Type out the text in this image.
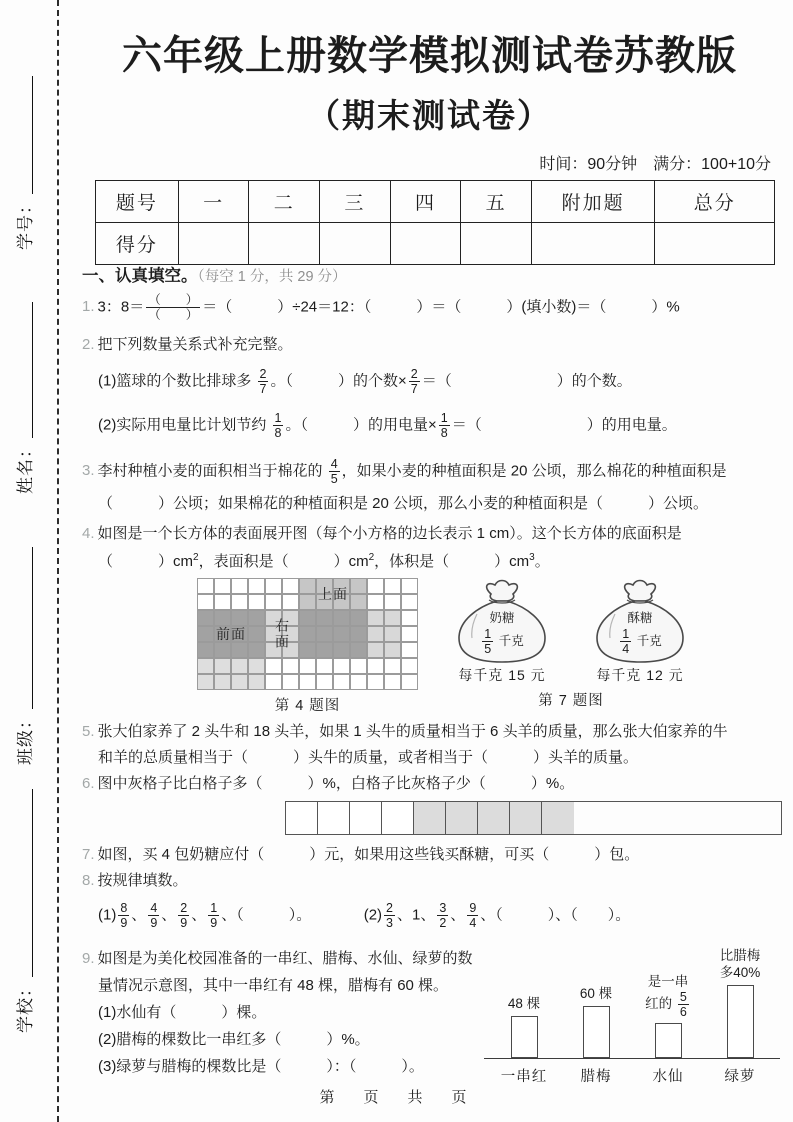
学号：
姓名：
班级：
学校：
六年级上册数学模拟测试卷苏教版
（期末测试卷）
时间：90分钟　满分：100+10分
题号	一	二	三	四	五	附加题	总分
得分							
一、认真填空。（每空 1 分，共 29 分）
1. 3：$8= \frac{( )}{( )}$ ＝（　　　）÷24＝12：（　　　）＝（　　　）(填小数)＝（　　　）%
2. 把下列数量关系式补充完整。
(1)篮球的个数比排球多 $\frac{2}{7}$ 。（　　　）的个数× $\frac{2}{7}$ ＝（　　　　　　　）的个数。
(2)实际用电量比计划节约 $\frac{1}{8}$ 。（　　　）的用电量× $\frac{1}{8}$ ＝（　　　　　　　）的用电量。
3. 李村种植小麦的面积相当于棉花的 $\frac{4}{5}$ ，如果小麦的种植面积是 20 公顷，那么棉花的种植面积是
（　　　）公顷；如果棉花的种植面积是 20 公顷，那么小麦的种植面积是（　　　）公顷。
4. 如图是一个长方体的表面展开图（每个小方格的边长表示 1 cm）。这个长方体的底面积是
（　　　）$cm^2$，表面积是（　　　）$cm^2$，体积是（　　　）$cm^3$。
上面
前面	右面
第 4 题图
奶糖
$\frac{1}{5}$ 千克
每千克 15 元
酥糖
$\frac{1}{4}$ 千克
每千克 12 元
第 7 题图
5. 张大伯家养了 2 头牛和 18 头羊，如果 1 头牛的质量相当于 6 头羊的质量，那么张大伯家养的牛
和羊的总质量相当于（　　　）头牛的质量，或者相当于（　　　）头羊的质量。
6. 图中灰格子比白格子多（　　　）%，白格子比灰格子少（　　　）%。
7. 如图，买 4 包奶糖应付（　　　）元，如果用这些钱买酥糖，可买（　　　）包。
8. 按规律填数。
$(1) \frac{8}{9}$ 、 $\frac{4}{9}$ 、 $\frac{2}{9}$ 、 $\frac{1}{9}$ 、（　　　）。　　　　$(2) \frac{2}{3}$ 、1、 $\frac{3}{2}$ 、 $\frac{9}{4}$ 、（　　　）、（　　）。
9. 如图是为美化校园准备的一串红、腊梅、水仙、绿萝的数
量情况示意图，其中一串红有 48 棵，腊梅有 60 棵。
(1)水仙有（　　　）棵。
(2)腊梅的棵数比一串红多（　　　）%。
(3)绿萝与腊梅的棵数比是（　　　）：（　　　）。
48 棵
60 棵
是一串
红的 $\frac{5}{6}$
比腊梅
多40%
一串红	腊梅	水仙	绿萝
第　页　共　页
